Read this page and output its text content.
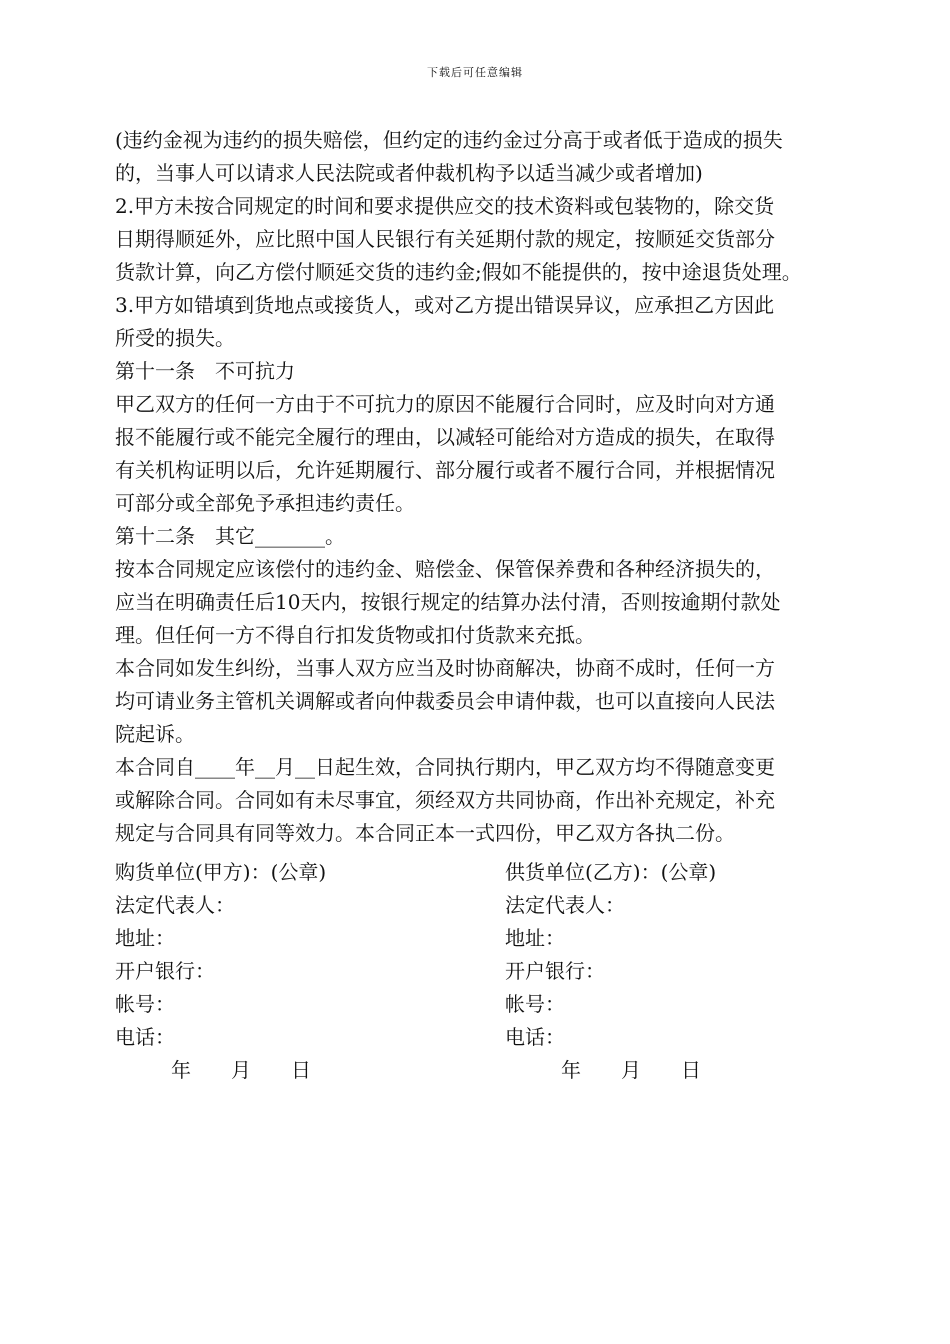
下载后可任意编辑
(违约金视为违约的损失赔偿，但约定的违约金过分高于或者低于造成的损失
的，当事人可以请求人民法院或者仲裁机构予以适当减少或者增加)
2.甲方未按合同规定的时间和要求提供应交的技术资料或包装物的，除交货
日期得顺延外，应比照中国人民银行有关延期付款的规定，按顺延交货部分
货款计算，向乙方偿付顺延交货的违约金;假如不能提供的，按中途退货处理。
3.甲方如错填到货地点或接货人，或对乙方提出错误异议，应承担乙方因此
所受的损失。
第十一条　不可抗力
甲乙双方的任何一方由于不可抗力的原因不能履行合同时，应及时向对方通
报不能履行或不能完全履行的理由，以减轻可能给对方造成的损失，在取得
有关机构证明以后，允许延期履行、部分履行或者不履行合同，并根据情况
可部分或全部免予承担违约责任。
第十二条　其它_______。
按本合同规定应该偿付的违约金、赔偿金、保管保养费和各种经济损失的，
应当在明确责任后10天内，按银行规定的结算办法付清，否则按逾期付款处
理。但任何一方不得自行扣发货物或扣付货款来充抵。
本合同如发生纠纷，当事人双方应当及时协商解决，协商不成时，任何一方
均可请业务主管机关调解或者向仲裁委员会申请仲裁，也可以直接向人民法
院起诉。
本合同自____年__月__日起生效，合同执行期内，甲乙双方均不得随意变更
或解除合同。合同如有未尽事宜，须经双方共同协商，作出补充规定，补充
规定与合同具有同等效力。本合同正本一式四份，甲乙双方各执二份。
购货单位(甲方)：(公章)	供货单位(乙方)：(公章)
法定代表人：	法定代表人：
地址：	地址：
开户银行：	开户银行：
帐号：	帐号：
电话：	电话：
年　　月　　日	年　　月　　日
